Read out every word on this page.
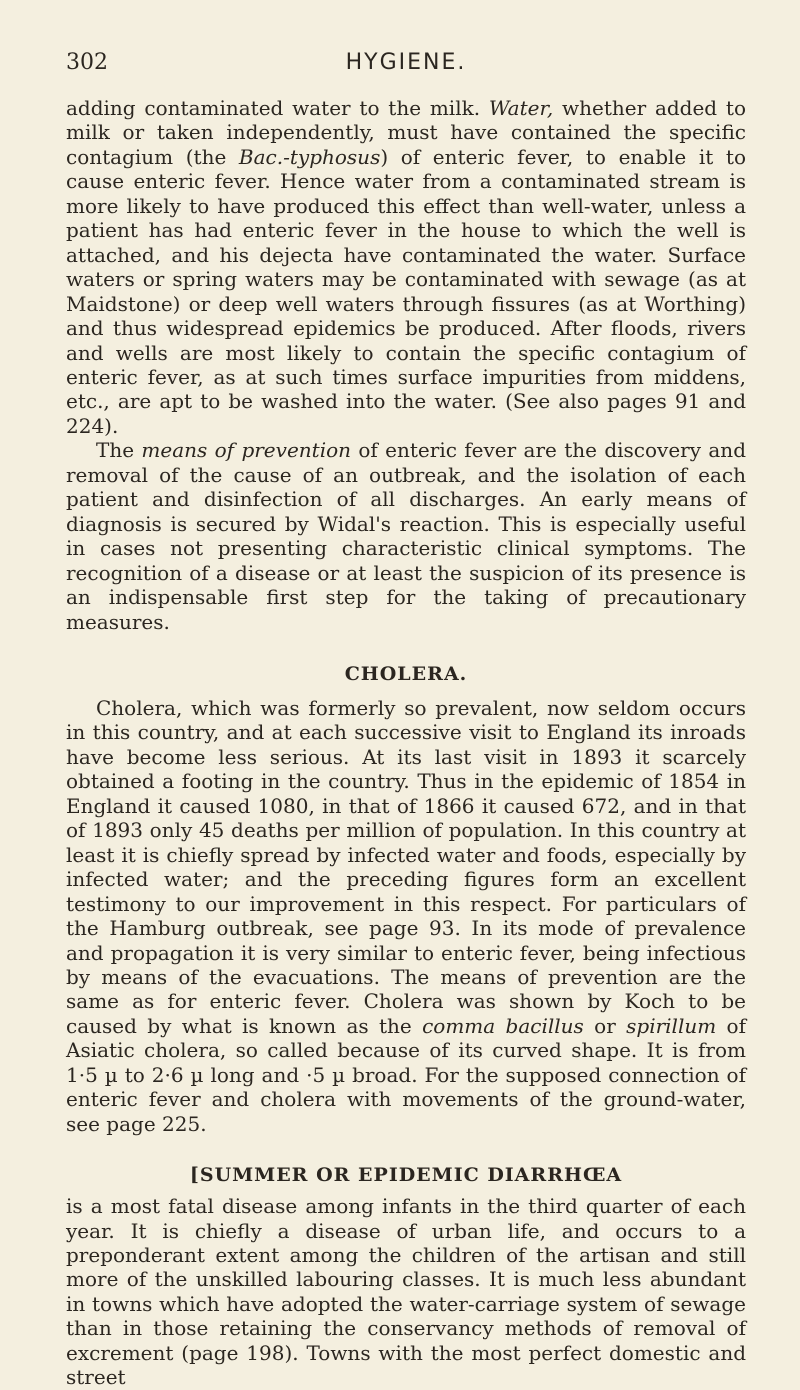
302	HYGIENE.

adding contaminated water to the milk. Water, whether added to milk or taken independently, must have contained the specific contagium (the Bac.-typhosus) of enteric fever, to enable it to cause enteric fever. Hence water from a contaminated stream is more likely to have produced this effect than well-water, unless a patient has had enteric fever in the house to which the well is attached, and his dejecta have contaminated the water. Surface waters or spring waters may be contaminated with sewage (as at Maidstone) or deep well waters through fissures (as at Worthing) and thus widespread epidemics be produced. After floods, rivers and wells are most likely to contain the specific contagium of enteric fever, as at such times surface impurities from middens, etc., are apt to be washed into the water. (See also pages 91 and 224).

The means of prevention of enteric fever are the discovery and removal of the cause of an outbreak, and the isolation of each patient and disinfection of all discharges. An early means of diagnosis is secured by Widal's reaction. This is especially useful in cases not presenting characteristic clinical symptoms. The recognition of a disease or at least the suspicion of its presence is an indispensable first step for the taking of precautionary measures.

CHOLERA.

Cholera, which was formerly so prevalent, now seldom occurs in this country, and at each successive visit to England its inroads have become less serious. At its last visit in 1893 it scarcely obtained a footing in the country. Thus in the epidemic of 1854 in England it caused 1080, in that of 1866 it caused 672, and in that of 1893 only 45 deaths per million of population. In this country at least it is chiefly spread by infected water and foods, especially by infected water; and the preceding figures form an excellent testimony to our improvement in this respect. For particulars of the Hamburg outbreak, see page 93. In its mode of prevalence and propagation it is very similar to enteric fever, being infectious by means of the evacuations. The means of prevention are the same as for enteric fever. Cholera was shown by Koch to be caused by what is known as the comma bacillus or spirillum of Asiatic cholera, so called because of its curved shape. It is from 1·5 µ to 2·6 µ long and ·5 µ broad. For the supposed connection of enteric fever and cholera with movements of the ground-water, see page 225.

[SUMMER OR EPIDEMIC DIARRHŒA

is a most fatal disease among infants in the third quarter of each year. It is chiefly a disease of urban life, and occurs to a preponderant extent among the children of the artisan and still more of the unskilled labouring classes. It is much less abundant in towns which have adopted the water-carriage system of sewage than in those retaining the conservancy methods of removal of excrement (page 198). Towns with the most perfect domestic and street
